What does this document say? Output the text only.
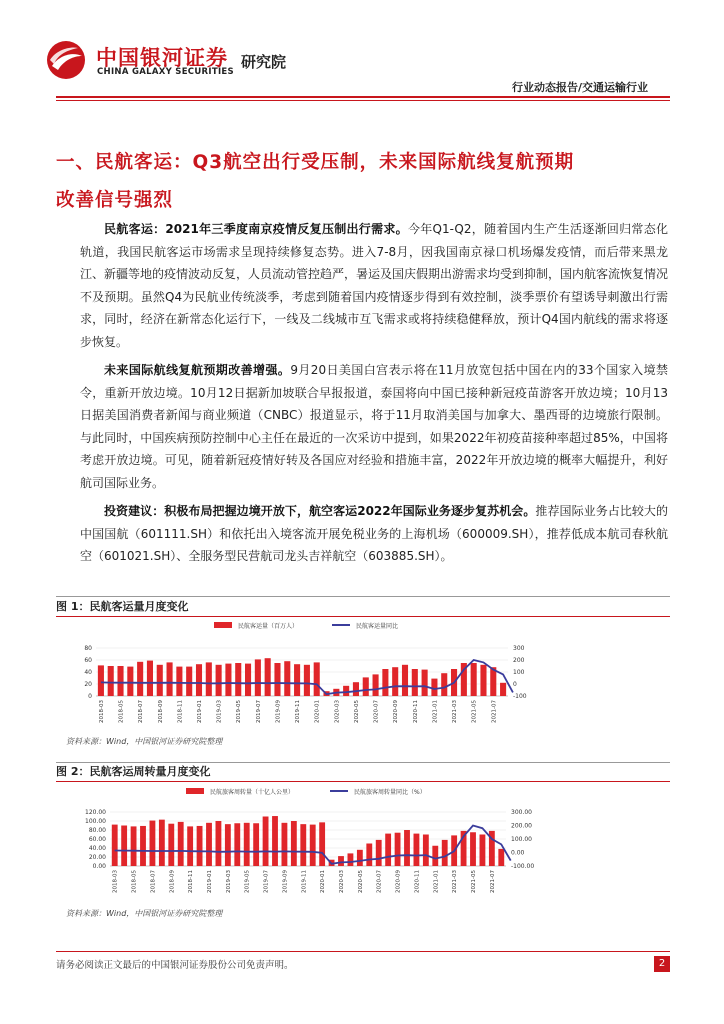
中国银河证券
CHINA GALAXY SECURITIES
研究院
行业动态报告/交通运输行业
一、民航客运：Q3航空出行受压制，未来国际航线复航预期
改善信号强烈

民航客运：2021年三季度南京疫情反复压制出行需求。今年Q1-Q2，随着国内生产生活逐渐回归常态化轨道，我国民航客运市场需求呈现持续修复态势。进入7-8月，因我国南京禄口机场爆发疫情，而后带来黑龙江、新疆等地的疫情波动反复，人员流动管控趋严，暑运及国庆假期出游需求均受到抑制，国内航客流恢复情况不及预期。虽然Q4为民航业传统淡季，考虑到随着国内疫情逐步得到有效控制，淡季票价有望诱导刺激出行需求，同时，经济在新常态化运行下，一线及二线城市互飞需求或将持续稳健释放，预计Q4国内航线的需求将逐步恢复。

未来国际航线复航预期改善增强。9月20日美国白宫表示将在11月放宽包括中国在内的33个国家入境禁令，重新开放边境。10月12日据新加坡联合早报报道，泰国将向中国已接种新冠疫苗游客开放边境；10月13日据美国消费者新闻与商业频道（CNBC）报道显示，将于11月取消美国与加拿大、墨西哥的边境旅行限制。与此同时，中国疾病预防控制中心主任在最近的一次采访中提到，如果2022年初疫苗接种率超过85%，中国将考虑开放边境。可见，随着新冠疫情好转及各国应对经验和措施丰富，2022年开放边境的概率大幅提升，利好航司国际业务。

投资建议：积极布局把握边境开放下，航空客运2022年国际业务逐步复苏机会。推荐国际业务占比较大的中国国航（601111.SH）和依托出入境客流开展免税业务的上海机场（600009.SH），推荐低成本航司春秋航空（601021.SH）、全服务型民营航司龙头吉祥航空（603885.SH）。

图 1：民航客运量月度变化
民航客运量（百万人）	民航客运量同比
0
20
40
60
80
-100
0
100
200
300
2018-03 2018-05 2018-07 2018-09 2018-11 2019-01 2019-03 2019-05 2019-07 2019-09 2019-11 2020-01 2020-03 2020-05 2020-07 2020-09 2020-11 2021-01 2021-03 2021-05 2021-07
资料来源：Wind，中国银河证券研究院整理
图 2：民航客运周转量月度变化
民航旅客周转量（十亿人公里）	民航旅客周转量同比（%）
0.00
20.00
40.00
60.00
80.00
100.00
120.00
-100.00
0.00
100.00
200.00
300.00
2018-03 2018-05 2018-07 2018-09 2018-11 2019-01 2019-03 2019-05 2019-07 2019-09 2019-11 2020-01 2020-03 2020-05 2020-07 2020-09 2020-11 2021-01 2021-03 2021-05 2021-07
资料来源：Wind，中国银河证券研究院整理
请务必阅读正文最后的中国银河证券股份公司免责声明。	2
